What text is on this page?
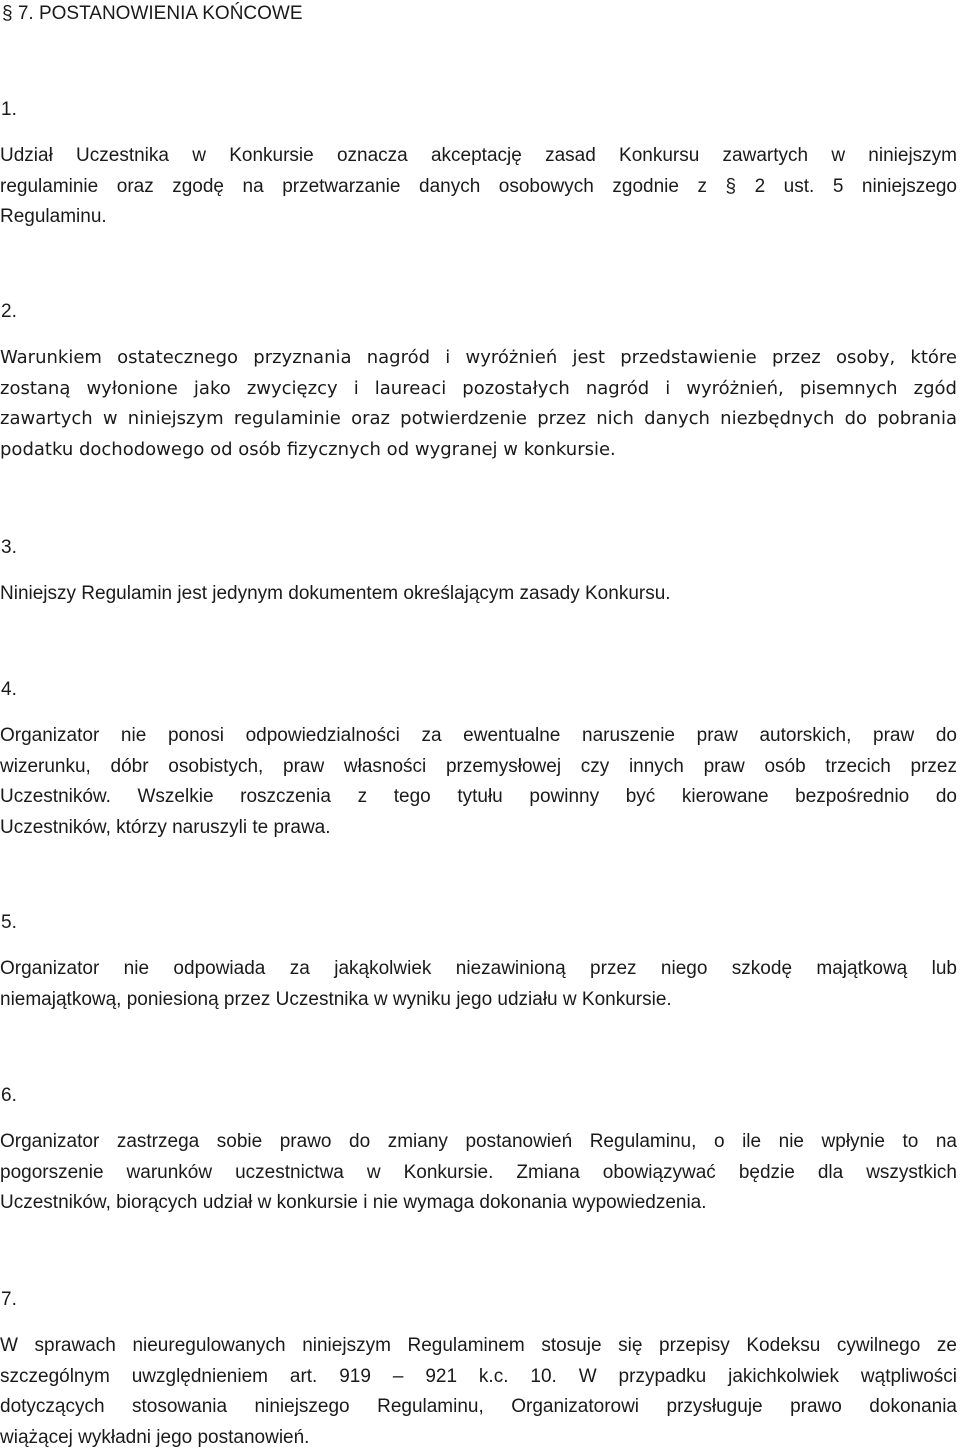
§ 7. POSTANOWIENIA KOŃCOWE
1.
Udział Uczestnika w Konkursie oznacza akceptację zasad Konkursu zawartych w niniejszym
regulaminie oraz zgodę na przetwarzanie danych osobowych zgodnie z § 2 ust. 5 niniejszego
Regulaminu.
2.
Warunkiem ostatecznego przyznania nagród i wyróżnień jest przedstawienie przez osoby, które
zostaną wyłonione jako zwycięzcy i laureaci pozostałych nagród i wyróżnień, pisemnych zgód
zawartych w niniejszym regulaminie oraz potwierdzenie przez nich danych niezbędnych do pobrania
podatku dochodowego od osób fizycznych od wygranej w konkursie.
3.
Niniejszy Regulamin jest jedynym dokumentem określającym zasady Konkursu.
4.
Organizator nie ponosi odpowiedzialności za ewentualne naruszenie praw autorskich, praw do
wizerunku, dóbr osobistych, praw własności przemysłowej czy innych praw osób trzecich przez
Uczestników. Wszelkie roszczenia z tego tytułu powinny być kierowane bezpośrednio do
Uczestników, którzy naruszyli te prawa.
5.
Organizator nie odpowiada za jakąkolwiek niezawinioną przez niego szkodę majątkową lub
niemajątkową, poniesioną przez Uczestnika w wyniku jego udziału w Konkursie.
6.
Organizator zastrzega sobie prawo do zmiany postanowień Regulaminu, o ile nie wpłynie to na
pogorszenie warunków uczestnictwa w Konkursie. Zmiana obowiązywać będzie dla wszystkich
Uczestników, biorących udział w konkursie i nie wymaga dokonania wypowiedzenia.
7.
W sprawach nieuregulowanych niniejszym Regulaminem stosuje się przepisy Kodeksu cywilnego ze
szczególnym uwzględnieniem art. 919 – 921 k.c. 10. W przypadku jakichkolwiek wątpliwości
dotyczących stosowania niniejszego Regulaminu, Organizatorowi przysługuje prawo dokonania
wiążącej wykładni jego postanowień.
